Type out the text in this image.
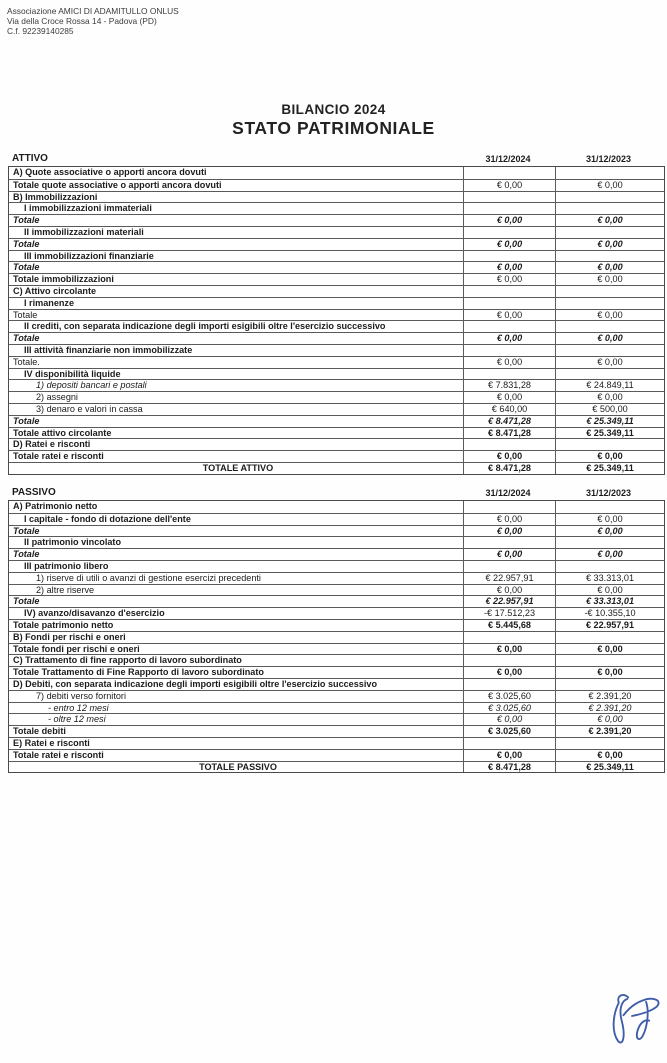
Associazione AMICI DI ADAMITULLO ONLUS
Via della Croce Rossa 14 - Padova (PD)
C.f. 92239140285
BILANCIO 2024
STATO PATRIMONIALE
ATTIVO	31/12/2024	31/12/2023
A) Quote associative o apporti ancora dovuti
Totale quote associative o apporti ancora dovuti	€ 0,00	€ 0,00
B) Immobilizzazioni
I immobilizzazioni immateriali
Totale	€ 0,00	€ 0,00
II immobilizzazioni materiali
Totale	€ 0,00	€ 0,00
III immobilizzazioni finanziarie
Totale	€ 0,00	€ 0,00
Totale immobilizzazioni	€ 0,00	€ 0,00
C) Attivo circolante
I rimanenze
Totale	€ 0,00	€ 0,00
II crediti, con separata indicazione degli importi esigibili oltre l'esercizio successivo
Totale	€ 0,00	€ 0,00
III attività finanziarie non immobilizzate
Totale.	€ 0,00	€ 0,00
IV disponibilità liquide
1) depositi bancari e postali	€ 7.831,28	€ 24.849,11
2) assegni	€ 0,00	€ 0,00
3) denaro e valori in cassa	€ 640,00	€ 500,00
Totale	€ 8.471,28	€ 25.349,11
Totale attivo circolante	€ 8.471,28	€ 25.349,11
D) Ratei e risconti
Totale ratei e risconti	€ 0,00	€ 0,00
TOTALE ATTIVO	€ 8.471,28	€ 25.349,11
PASSIVO	31/12/2024	31/12/2023
A) Patrimonio netto
I capitale - fondo di dotazione dell'ente	€ 0,00	€ 0,00
Totale	€ 0,00	€ 0,00
II patrimonio vincolato
Totale	€ 0,00	€ 0,00
III patrimonio libero
1) riserve di utili o avanzi di gestione esercizi precedenti	€ 22.957,91	€ 33.313,01
2) altre riserve	€ 0,00	€ 0,00
Totale	€ 22.957,91	€ 33.313,01
IV) avanzo/disavanzo d'esercizio	-€ 17.512,23	-€ 10.355,10
Totale patrimonio netto	€ 5.445,68	€ 22.957,91
B) Fondi per rischi e oneri
Totale fondi per rischi e oneri	€ 0,00	€ 0,00
C) Trattamento di fine rapporto di lavoro subordinato
Totale Trattamento di Fine Rapporto di lavoro subordinato	€ 0,00	€ 0,00
D) Debiti, con separata indicazione degli importi esigibili oltre l'esercizio successivo
7) debiti verso fornitori	€ 3.025,60	€ 2.391,20
- entro 12 mesi	€ 3.025,60	€ 2.391,20
- oltre 12 mesi	€ 0,00	€ 0,00
Totale debiti	€ 3.025,60	€ 2.391,20
E) Ratei e risconti
Totale ratei e risconti	€ 0,00	€ 0,00
TOTALE PASSIVO	€ 8.471,28	€ 25.349,11
